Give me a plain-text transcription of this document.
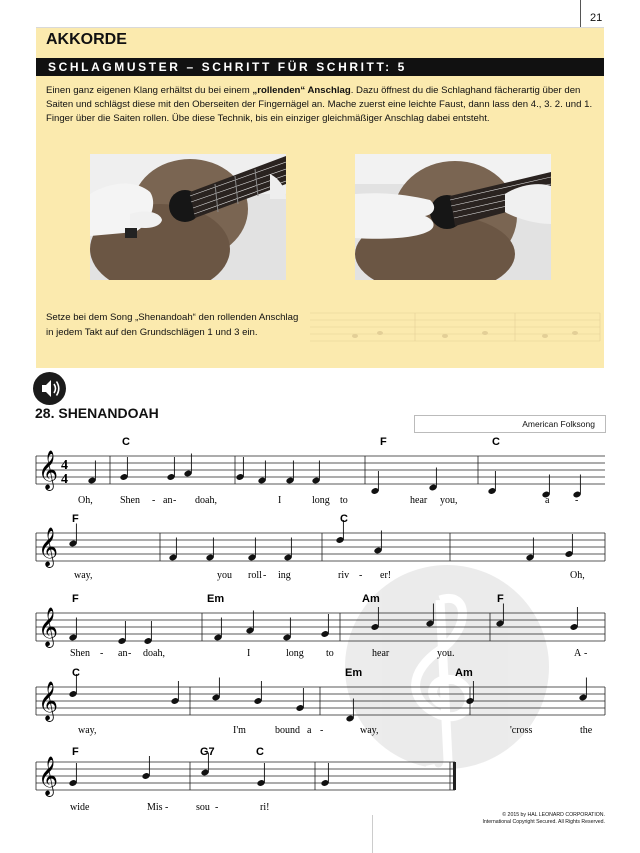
21
AKKORDE
SCHLAGMUSTER – SCHRITT FÜR SCHRITT: 5
Einen ganz eigenen Klang erhältst du bei einem „rollenden“ Anschlag. Dazu öffnest du die Schlaghand fächerartig über den Saiten und schlägst diese mit den Oberseiten der Fingernägel an. Mache zuerst eine leichte Faust, dann lass den 4., 3. 2. und 1. Finger über die Saiten rollen. Übe diese Technik, bis ein einziger gleichmäßiger Anschlag dabei entsteht.
Setze bei dem Song „Shenandoah“ den rollenden Anschlag
in jedem Takt auf den Grundschlägen 1 und 3 ein.
28. SHENANDOAH
American Folksong
𝄞 4
4
C	F	C
Oh,	Shen - an - doah,	I	long to	hear you,	a	-
𝄞
F	C
way,	you roll - ing	riv - er!	Oh,
𝄞
F	Em	Am	F
Shen - an - doah,	I	long to	hear	you.	A -
𝄞
C	Em	Am
way,	I'm	bound a -	way,	'cross	the
𝄞
F	G7	C
wide	Mis -	sou -	ri!
© 2015 by HAL LEONARD CORPORATION.
International Copyright Secured. All Rights Reserved.
